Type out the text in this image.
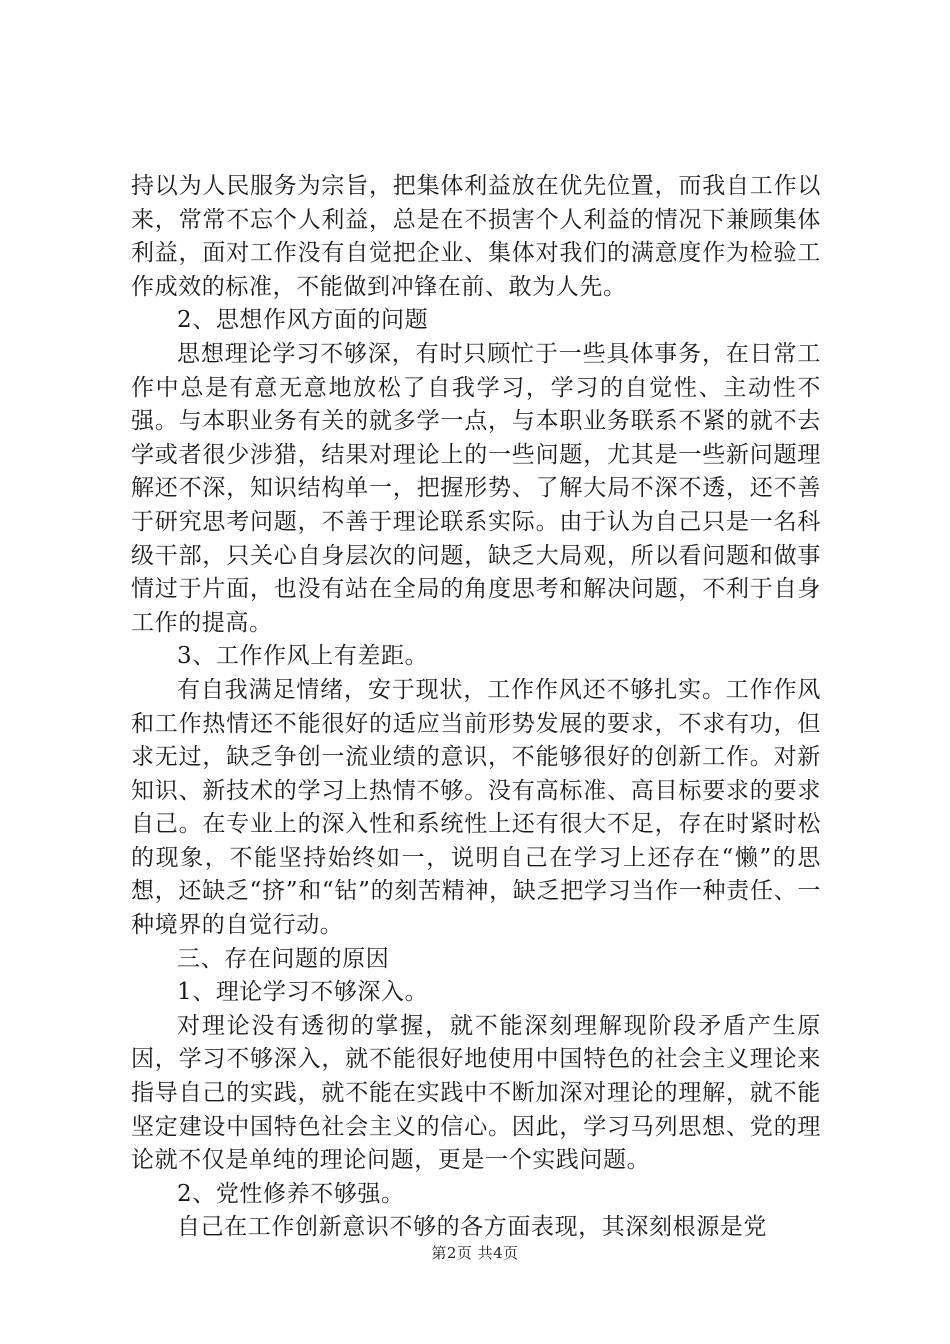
持以为人民服务为宗旨，把集体利益放在优先位置，而我自工作以来，常常不忘个人利益，总是在不损害个人利益的情况下兼顾集体利益，面对工作没有自觉把企业、集体对我们的满意度作为检验工作成效的标准，不能做到冲锋在前、敢为人先。

2、思想作风方面的问题

思想理论学习不够深，有时只顾忙于一些具体事务，在日常工作中总是有意无意地放松了自我学习，学习的自觉性、主动性不强。与本职业务有关的就多学一点，与本职业务联系不紧的就不去学或者很少涉猎，结果对理论上的一些问题，尤其是一些新问题理解还不深，知识结构单一，把握形势、了解大局不深不透，还不善于研究思考问题，不善于理论联系实际。由于认为自己只是一名科级干部，只关心自身层次的问题，缺乏大局观，所以看问题和做事情过于片面，也没有站在全局的角度思考和解决问题，不利于自身工作的提高。

3、工作作风上有差距。

有自我满足情绪，安于现状，工作作风还不够扎实。工作作风和工作热情还不能很好的适应当前形势发展的要求，不求有功，但求无过，缺乏争创一流业绩的意识，不能够很好的创新工作。对新知识、新技术的学习上热情不够。没有高标准、高目标要求的要求自己。在专业上的深入性和系统性上还有很大不足，存在时紧时松的现象，不能坚持始终如一，说明自己在学习上还存在“懒”的思想，还缺乏“挤”和“钻”的刻苦精神，缺乏把学习当作一种责任、一种境界的自觉行动。

三、存在问题的原因

1、理论学习不够深入。

对理论没有透彻的掌握，就不能深刻理解现阶段矛盾产生原因，学习不够深入，就不能很好地使用中国特色的社会主义理论来指导自己的实践，就不能在实践中不断加深对理论的理解，就不能坚定建设中国特色社会主义的信心。因此，学习马列思想、党的理论就不仅是单纯的理论问题，更是一个实践问题。

2、党性修养不够强。

自己在工作创新意识不够的各方面表现，其深刻根源是党

第2页 共4页
